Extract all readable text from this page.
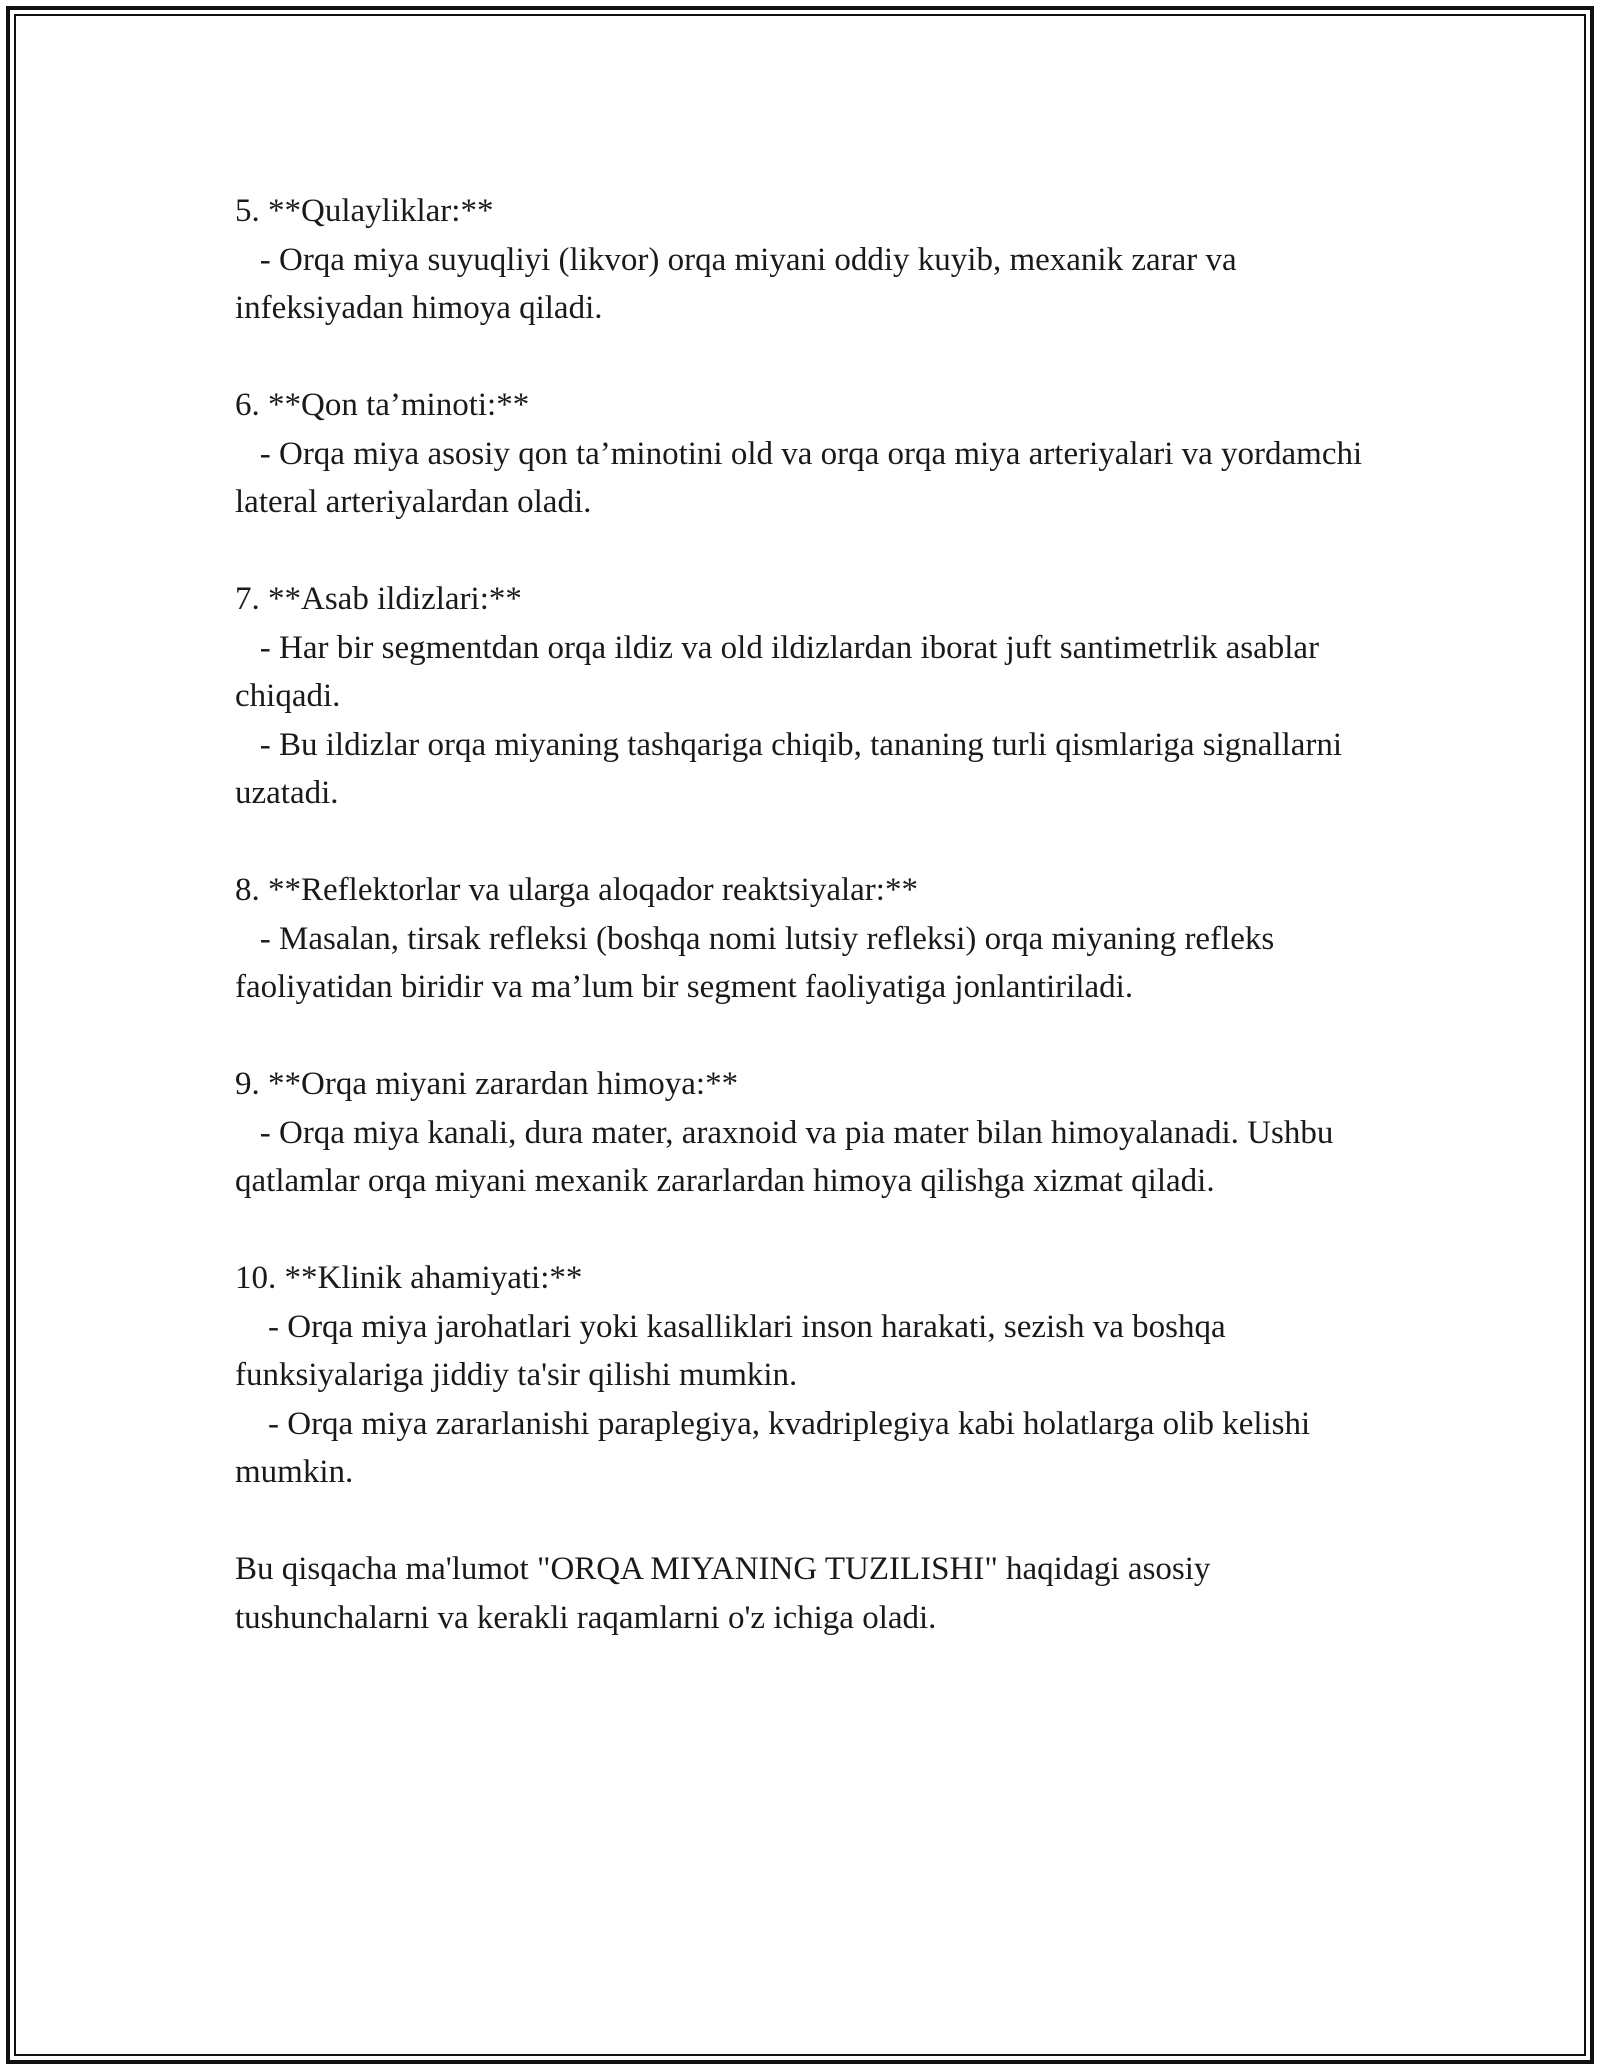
5. **Qulayliklar:**

- Orqa miya suyuqliyi (likvor) orqa miyani oddiy kuyib, mexanik zarar va infeksiyadan himoya qiladi.

6. **Qon ta’minoti:**

- Orqa miya asosiy qon ta’minotini old va orqa orqa miya arteriyalari va yordamchi lateral arteriyalardan oladi.

7. **Asab ildizlari:**

- Har bir segmentdan orqa ildiz va old ildizlardan iborat juft santimetrlik asablar chiqadi.

- Bu ildizlar orqa miyaning tashqariga chiqib, tananing turli qismlariga signallarni uzatadi.

8. **Reflektorlar va ularga aloqador reaktsiyalar:**

- Masalan, tirsak refleksi (boshqa nomi lutsiy refleksi) orqa miyaning refleks faoliyatidan biridir va ma’lum bir segment faoliyatiga jonlantiriladi.

9. **Orqa miyani zarardan himoya:**

- Orqa miya kanali, dura mater, araxnoid va pia mater bilan himoyalanadi. Ushbu qatlamlar orqa miyani mexanik zararlardan himoya qilishga xizmat qiladi.

10. **Klinik ahamiyati:**

- Orqa miya jarohatlari yoki kasalliklari inson harakati, sezish va boshqa funksiyalariga jiddiy ta'sir qilishi mumkin.

- Orqa miya zararlanishi paraplegiya, kvadriplegiya kabi holatlarga olib kelishi mumkin.

Bu qisqacha ma'lumot "ORQA MIYANING TUZILISHI" haqidagi asosiy tushunchalarni va kerakli raqamlarni o'z ichiga oladi.
